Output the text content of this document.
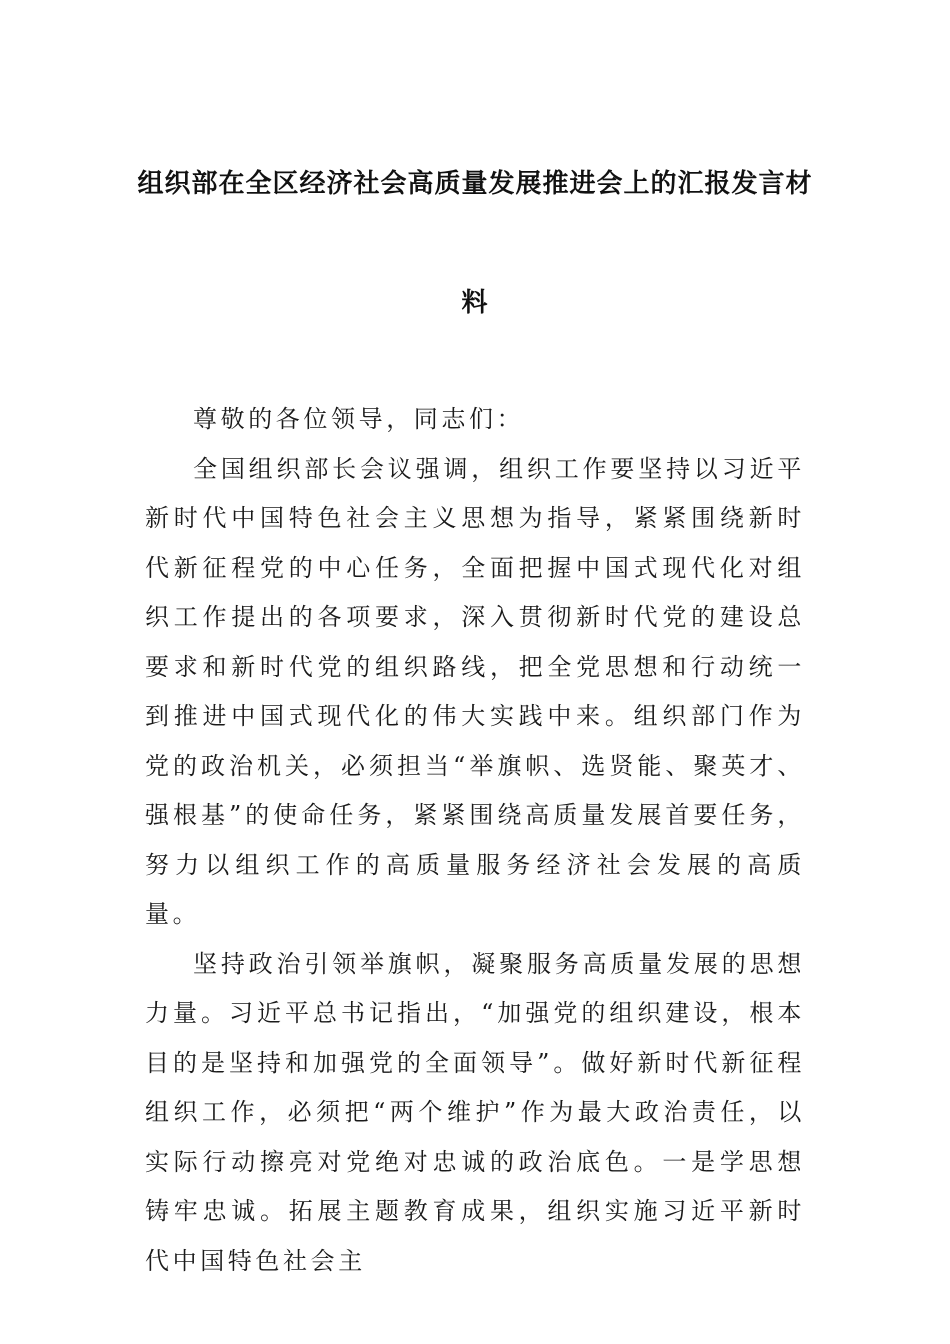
组织部在全区经济社会高质量发展推进会上的汇报发言材
料

尊敬的各位领导，同志们：

全国组织部长会议强调，组织工作要坚持以习近平新时代中国特色社会主义思想为指导，紧紧围绕新时代新征程党的中心任务，全面把握中国式现代化对组织工作提出的各项要求，深入贯彻新时代党的建设总要求和新时代党的组织路线，把全党思想和行动统一到推进中国式现代化的伟大实践中来。组织部门作为党的政治机关，必须担当“举旗帜、选贤能、聚英才、强根基”的使命任务，紧紧围绕高质量发展首要任务，努力以组织工作的高质量服务经济社会发展的高质量。

坚持政治引领举旗帜，凝聚服务高质量发展的思想力量。习近平总书记指出，“加强党的组织建设，根本目的是坚持和加强党的全面领导”。做好新时代新征程组织工作，必须把“两个维护”作为最大政治责任，以实际行动擦亮对党绝对忠诚的政治底色。一是学思想铸牢忠诚。拓展主题教育成果，组织实施习近平新时代中国特色社会主
